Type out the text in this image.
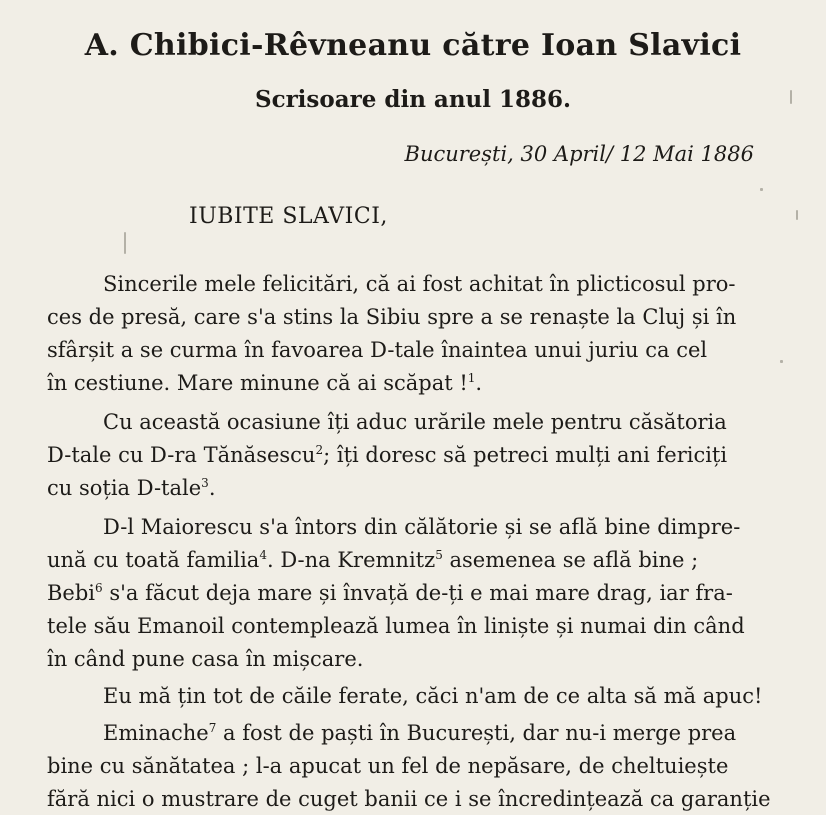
A. Chibici-Rêvneanu către Ioan Slavici
Scrisoare din anul 1886.
București, 30 April/ 12 Mai 1886
IUBITE SLAVICI,
Sincerile mele felicitări, că ai fost achitat în plicticosul pro-
ces de presă, care s'a stins la Sibiu spre a se renaște la Cluj și în
sfârșit a se curma în favoarea D-tale înaintea unui juriu ca cel
în cestiune. Mare minune că ai scăpat !$^1$.
Cu această ocasiune îți aduc urările mele pentru căsătoria
D-tale cu D-ra Tănăsescu$^2$; îți doresc să petreci mulți ani fericiți
cu soția D-tale$^3$.
D-l Maiorescu s'a întors din călătorie și se află bine dimpre-
ună cu toată familia$^4$. D-na Kremnitz$^5$ asemenea se află bine ;
Bebi$^6$ s'a făcut deja mare și învață de-ți e mai mare drag, iar fra-
tele său Emanoil contemplează lumea în liniște și numai din când
în când pune casa în mișcare.
Eu mă țin tot de căile ferate, căci n'am de ce alta să mă apuc!
Eminache$^7$ a fost de paști în București, dar nu-i merge prea
bine cu sănătatea ; l-a apucat un fel de nepăsare, de cheltuiește
fără nici o mustrare de cuget banii ce i se încredințează ca garanție
